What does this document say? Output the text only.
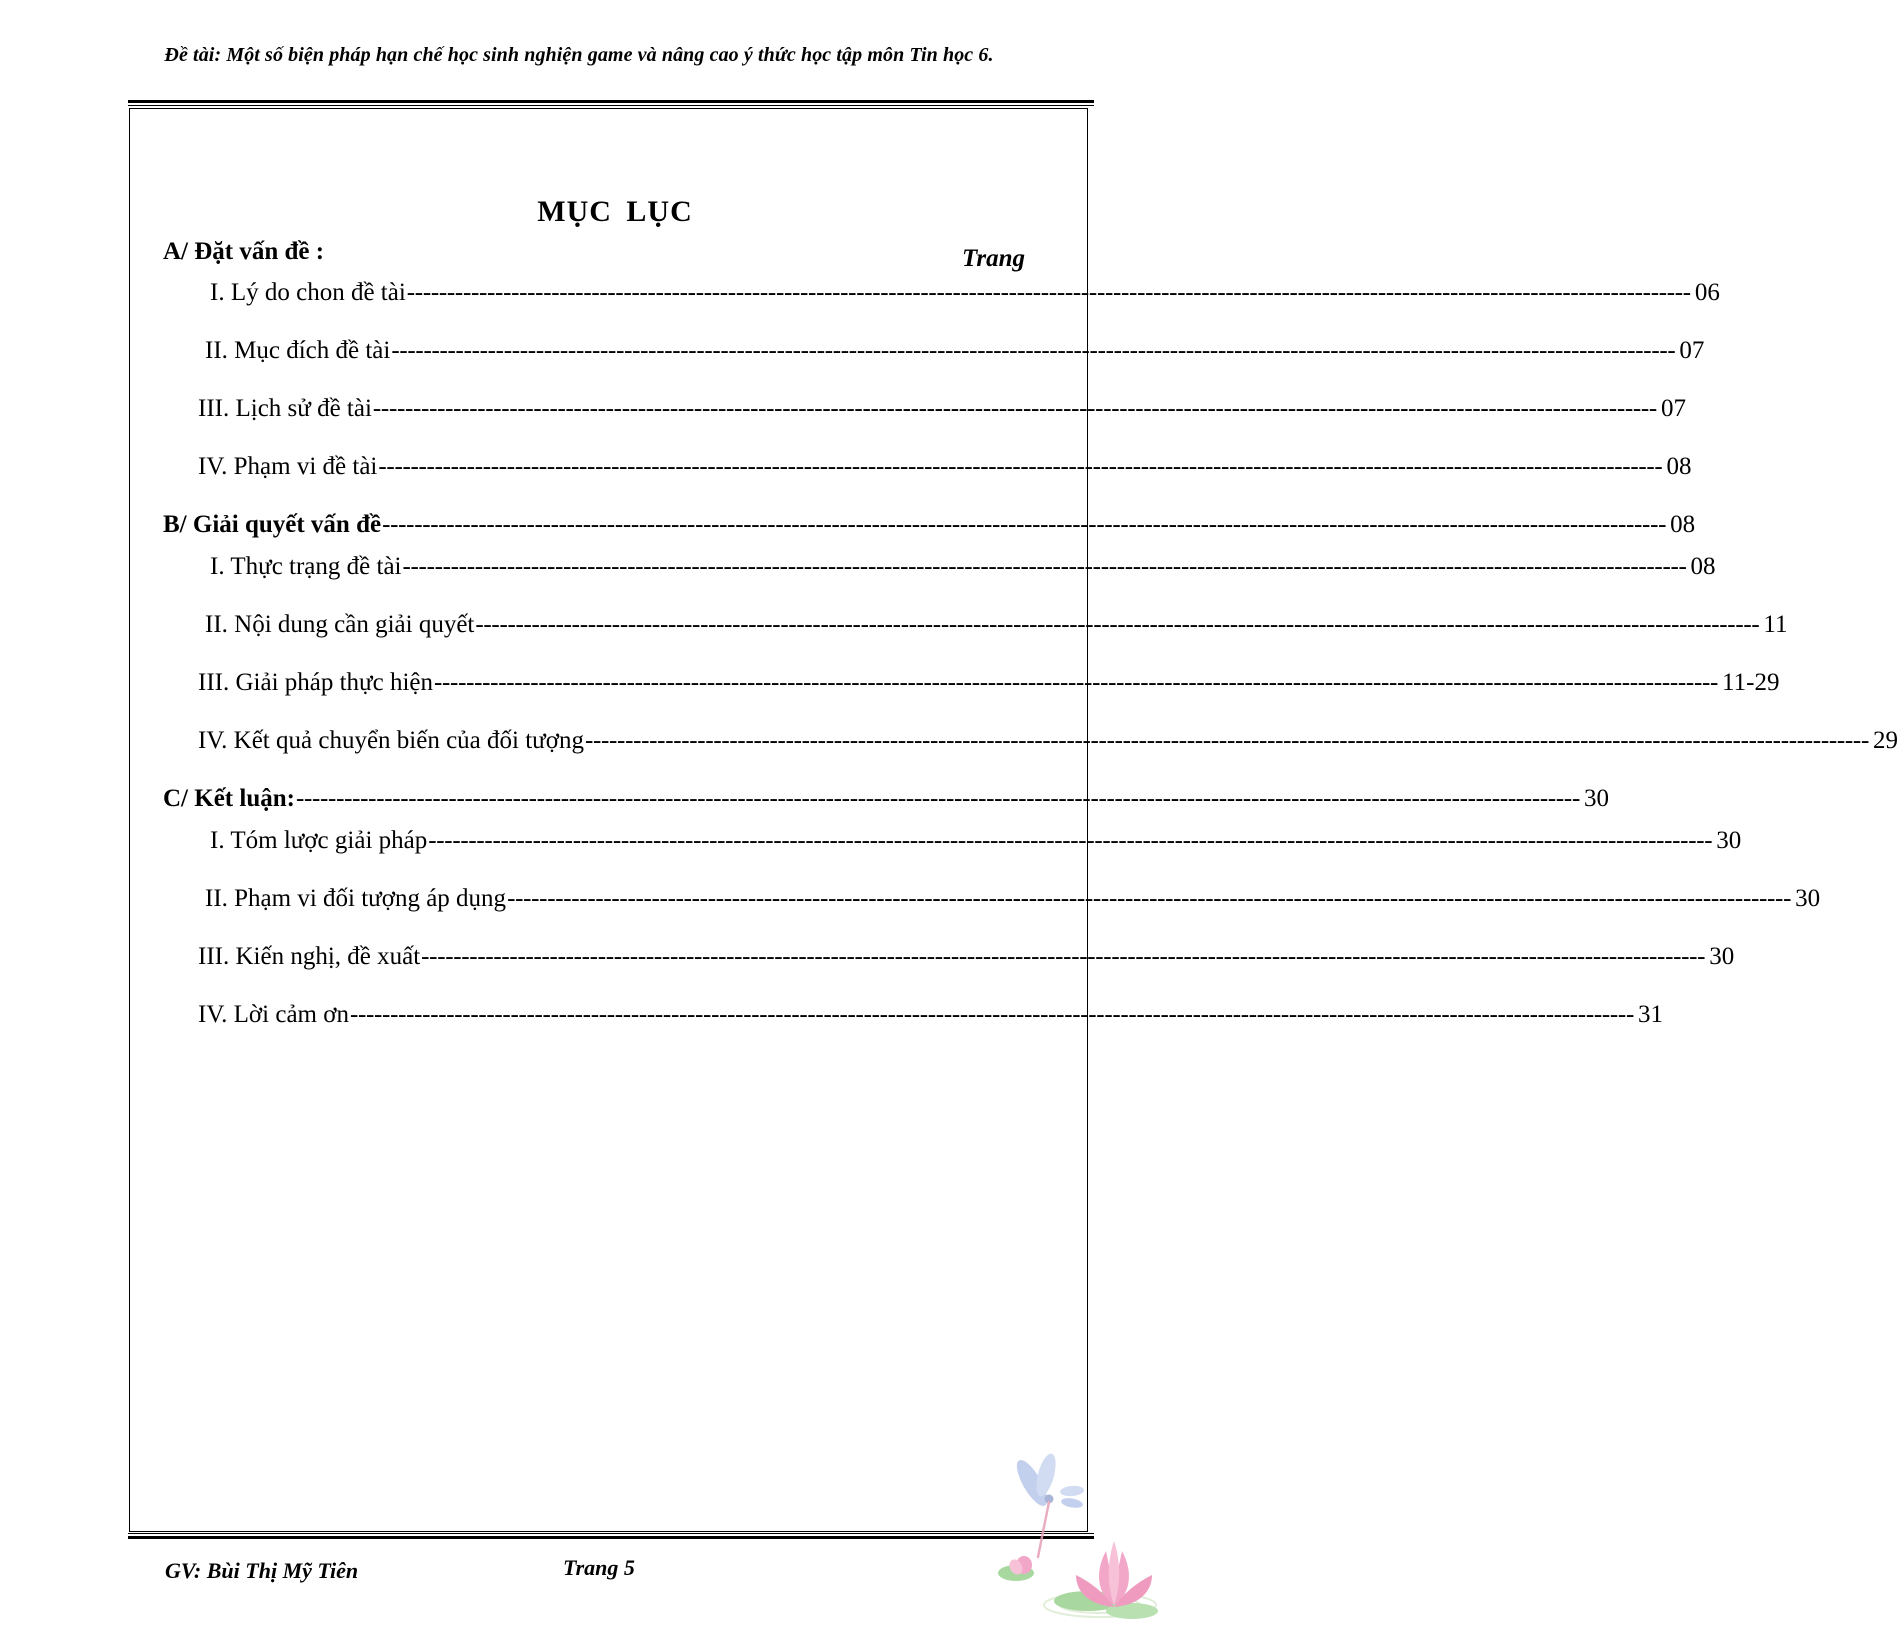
Đề tài: Một số biện pháp hạn chế học sinh nghiện game và nâng cao ý thức học tập môn Tin học 6.
MỤC LỤC
Trang
A/ Đặt vấn đề :
I. Lý do chon đề tài ---------------------------------------------------------------------------------------------------------------------------------------------------------------- 06
II. Mục đích đề tài ---------------------------------------------------------------------------------------------------------------------------------------------------------------- 07
III. Lịch sử đề tài ---------------------------------------------------------------------------------------------------------------------------------------------------------------- 07
IV. Phạm vi đề tài ---------------------------------------------------------------------------------------------------------------------------------------------------------------- 08
B/ Giải quyết vấn đề ---------------------------------------------------------------------------------------------------------------------------------------------------------------- 08
I. Thực trạng đề tài ---------------------------------------------------------------------------------------------------------------------------------------------------------------- 08
II. Nội dung cần giải quyết ---------------------------------------------------------------------------------------------------------------------------------------------------------------- 11
III. Giải pháp thực hiện ---------------------------------------------------------------------------------------------------------------------------------------------------------------- 11-29
IV. Kết quả chuyển biến của đối tượng ---------------------------------------------------------------------------------------------------------------------------------------------------------------- 29
C/ Kết luận: ---------------------------------------------------------------------------------------------------------------------------------------------------------------- 30
I. Tóm lược giải pháp ---------------------------------------------------------------------------------------------------------------------------------------------------------------- 30
II. Phạm vi đối tượng áp dụng ---------------------------------------------------------------------------------------------------------------------------------------------------------------- 30
III. Kiến nghị, đề xuất ---------------------------------------------------------------------------------------------------------------------------------------------------------------- 30
IV. Lời cảm ơn ---------------------------------------------------------------------------------------------------------------------------------------------------------------- 31
GV: Bùi Thị Mỹ Tiên	Trang 5
